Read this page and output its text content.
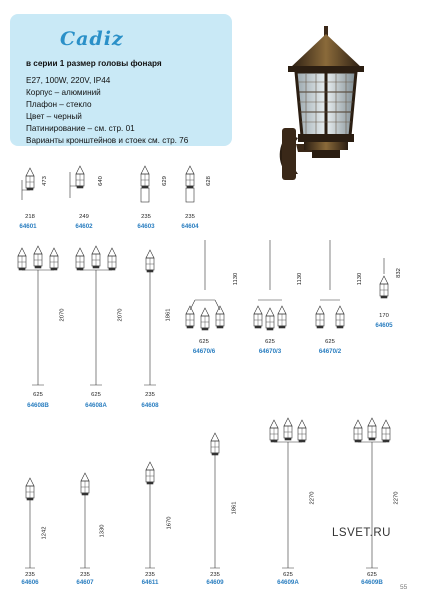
Cadiz
в серии 1 размер головы фонаря
E27, 100W, 220V, IP44
Корпус – алюминий
Плафон – стекло
Цвет – черный
Патинирование – см. стр. 01
Варианты кронштейнов и стоек см. стр. 76
64601	64602	64603	64604
64670/6	64670/3	64670/2
64605
64608B	64608A	64608
64606	64607	64611	64609	64609A	64609B
218	249	235	235
625	625	625
170
625	625	235
235	235	235	235	625	625
473	640	629	628
1130	1130	1130	832
2070	2070	1861
1242	1330
1670
1861
2270	2270
LSVET.RU
55
